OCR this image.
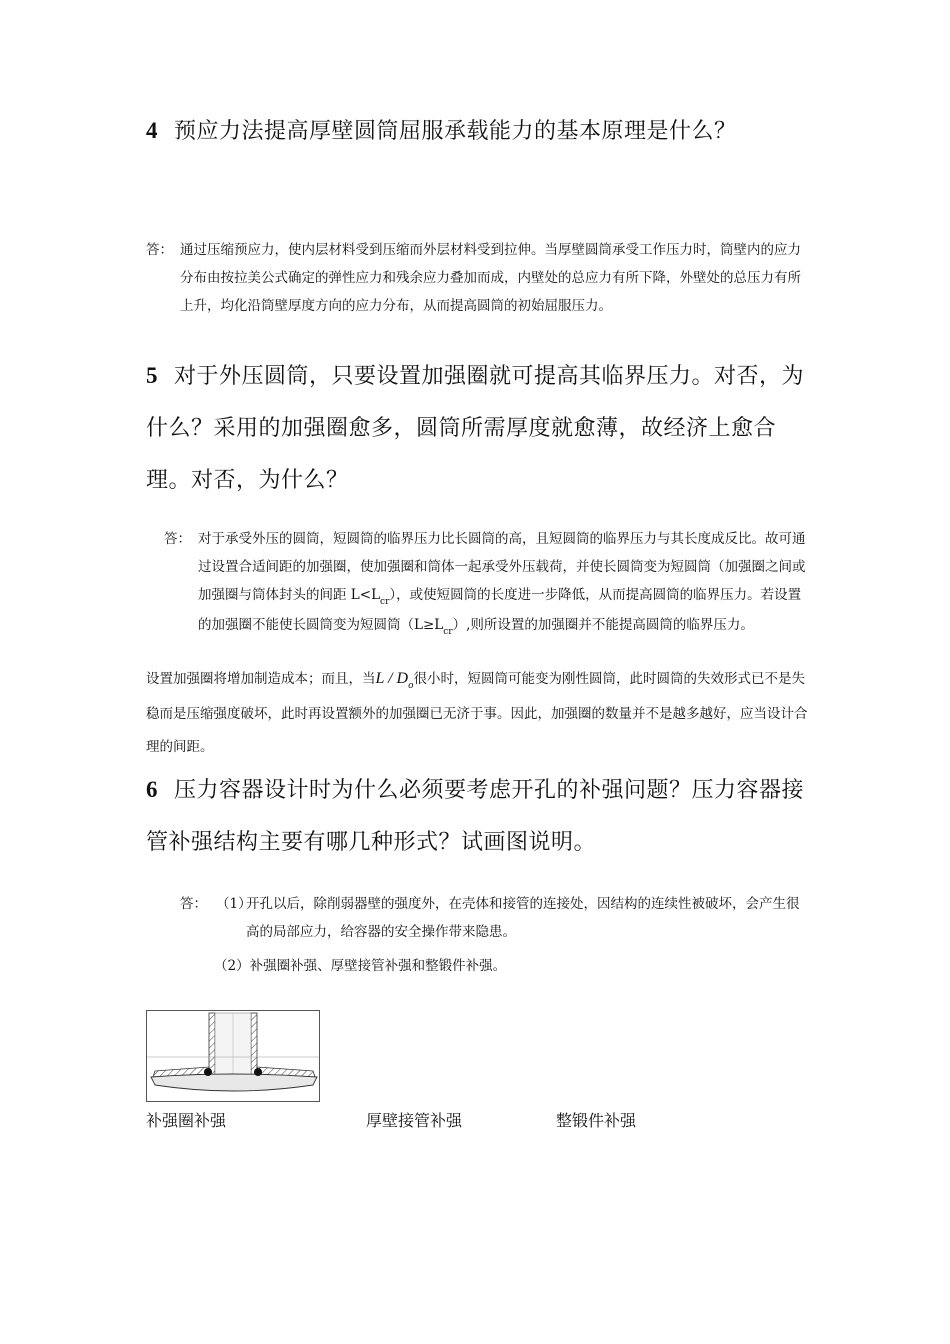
4 预应力法提高厚壁圆筒屈服承载能力的基本原理是什么？
答： 通过压缩预应力，使内层材料受到压缩而外层材料受到拉伸。当厚壁圆筒承受工作压力时，筒壁内的应力分布由按拉美公式确定的弹性应力和残余应力叠加而成，内壁处的总应力有所下降，外壁处的总压力有所上升，均化沿筒壁厚度方向的应力分布，从而提高圆筒的初始屈服压力。
5 对于外压圆筒，只要设置加强圈就可提高其临界压力。对否，为什么？采用的加强圈愈多，圆筒所需厚度就愈薄，故经济上愈合理。对否，为什么？
答： 对于承受外压的圆筒，短圆筒的临界压力比长圆筒的高，且短圆筒的临界压力与其长度成反比。故可通过设置合适间距的加强圈，使加强圈和筒体一起承受外压载荷，并使长圆筒变为短圆筒（加强圈之间或加强圈与筒体封头的间距 $L<L_{cr}$），或使短圆筒的长度进一步降低，从而提高圆筒的临界压力。若设置的加强圈不能使长圆筒变为短圆筒$(L\ge L_{cr})$,则所设置的加强圈并不能提高圆筒的临界压力。
设置加强圈将增加制造成本；而且，当L / $D_o$很小时，短圆筒可能变为刚性圆筒，此时圆筒的失效形式已不是失稳而是压缩强度破坏，此时再设置额外的加强圈已无济于事。因此，加强圈的数量并不是越多越好，应当设计合理的间距。
6 压力容器设计时为什么必须要考虑开孔的补强问题？压力容器接管补强结构主要有哪几种形式？试画图说明。
答： （1）
开孔以后，除削弱器壁的强度外，在壳体和接管的连接处，因结构的连续性被破坏，会产生很高的局部应力，给容器的安全操作带来隐患。
（2）补强圈补强、厚壁接管补强和整锻件补强。
补强圈补强	厚壁接管补强	整锻件补强
